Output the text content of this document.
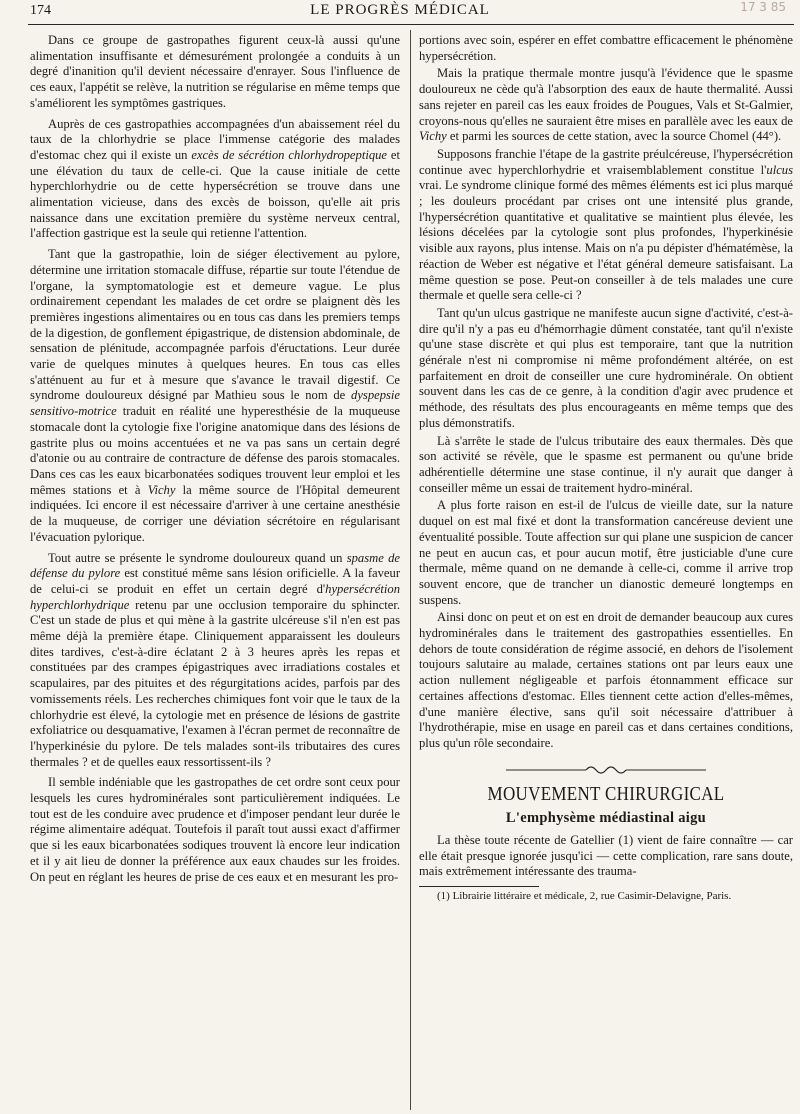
174	LE PROGRÈS MÉDICAL	17 3 85

Dans ce groupe de gastropathes figurent ceux-là aussi qu'une alimentation insuffisante et démesurément prolongée a conduits à un degré d'inanition qu'il devient nécessaire d'enrayer. Sous l'influence de ces eaux, l'appétit se relève, la nutrition se régularise en même temps que s'améliorent les symptômes gastriques.

Auprès de ces gastropathies accompagnées d'un abaissement réel du taux de la chlorhydrie se place l'immense catégorie des malades d'estomac chez qui il existe un excès de sécrétion chlorhydropeptique et une élévation du taux de celle-ci. Que la cause initiale de cette hyperchlorhydrie ou de cette hypersécrétion se trouve dans une alimentation vicieuse, dans des excès de boisson, qu'elle ait pris naissance dans une excitation première du système nerveux central, l'affection gastrique est la seule qui retienne l'attention.

Tant que la gastropathie, loin de siéger électivement au pylore, détermine une irritation stomacale diffuse, répartie sur toute l'étendue de l'organe, la symptomatologie est et demeure vague. Le plus ordinairement cependant les malades de cet ordre se plaignent dès les premières ingestions alimentaires ou en tous cas dans les premiers temps de la digestion, de gonflement épigastrique, de distension abdominale, de sensation de plénitude, accompagnée parfois d'éructations. Leur durée varie de quelques minutes à quelques heures. En tous cas elles s'atténuent au fur et à mesure que s'avance le travail digestif. Ce syndrome douloureux désigné par Mathieu sous le nom de dyspepsie sensitivo-motrice traduit en réalité une hyperesthésie de la muqueuse stomacale dont la cytologie fixe l'origine anatomique dans des lésions de gastrite plus ou moins accentuées et ne va pas sans un certain degré d'atonie ou au contraire de contracture de défense des parois stomacales. Dans ces cas les eaux bicarbonatées sodiques trouvent leur emploi et les mêmes stations et à Vichy la même source de l'Hôpital demeurent indiquées. Ici encore il est nécessaire d'arriver à une certaine anesthésie de la muqueuse, de corriger une déviation sécrétoire en régularisant l'évacuation pylorique.

Tout autre se présente le syndrome douloureux quand un spasme de défense du pylore est constitué même sans lésion orificielle. A la faveur de celui-ci se produit en effet un certain degré d'hypersécrétion hyperchlorhydrique retenu par une occlusion temporaire du sphincter. C'est un stade de plus et qui mène à la gastrite ulcéreuse s'il n'en est pas même déjà la première étape. Cliniquement apparaissent les douleurs dites tardives, c'est-à-dire éclatant 2 à 3 heures après les repas et constituées par des crampes épigastriques avec irradiations costales et scapulaires, par des pituites et des régurgitations acides, parfois par des vomissements réels. Les recherches chimiques font voir que le taux de la chlorhydrie est élevé, la cytologie met en présence de lésions de gastrite exfoliatrice ou desquamative, l'examen à l'écran permet de reconnaître de l'hyperkinésie du pylore. De tels malades sont-ils tributaires des cures thermales ? et de quelles eaux ressortissent-ils ?

Il semble indéniable que les gastropathes de cet ordre sont ceux pour lesquels les cures hydrominérales sont particulièrement indiquées. Le tout est de les conduire avec prudence et d'imposer pendant leur durée le régime alimentaire adéquat. Toutefois il paraît tout aussi exact d'affirmer que si les eaux bicarbonatées sodiques trouvent là encore leur indication et il y ait lieu de donner la préférence aux eaux chaudes sur les froides. On peut en réglant les heures de prise de ces eaux et en mesurant les pro-

portions avec soin, espérer en effet combattre efficacement le phénomène hypersécrétion.

Mais la pratique thermale montre jusqu'à l'évidence que le spasme douloureux ne cède qu'à l'absorption des eaux de haute thermalité. Aussi sans rejeter en pareil cas les eaux froides de Pougues, Vals et St-Galmier, croyons-nous qu'elles ne sauraient être mises en parallèle avec les eaux de Vichy et parmi les sources de cette station, avec la source Chomel (44°).

Supposons franchie l'étape de la gastrite préulcéreuse, l'hypersécrétion continue avec hyperchlorhydrie et vraisemblablement constitue l'ulcus vrai. Le syndrome clinique formé des mêmes éléments est ici plus marqué ; les douleurs procédant par crises ont une intensité plus grande, l'hypersécrétion quantitative et qualitative se maintient plus élevée, les lésions décelées par la cytologie sont plus profondes, l'hyperkinésie visible aux rayons, plus intense. Mais on n'a pu dépister d'hématémèse, la réaction de Weber est négative et l'état général demeure satisfaisant. La même question se pose. Peut-on conseiller à de tels malades une cure thermale et quelle sera celle-ci ?

Tant qu'un ulcus gastrique ne manifeste aucun signe d'activité, c'est-à-dire qu'il n'y a pas eu d'hémorrhagie dûment constatée, tant qu'il n'existe qu'une stase discrète et qui plus est temporaire, tant que la nutrition générale n'est ni compromise ni même profondément altérée, on est parfaitement en droit de conseiller une cure hydrominérale. On obtient souvent dans les cas de ce genre, à la condition d'agir avec prudence et méthode, des résultats des plus encourageants en même temps que des plus démonstratifs.

Là s'arrête le stade de l'ulcus tributaire des eaux thermales. Dès que son activité se révèle, que le spasme est permanent ou qu'une bride adhérentielle détermine une stase continue, il n'y aurait que danger à conseiller même un essai de traitement hydro-minéral.

A plus forte raison en est-il de l'ulcus de vieille date, sur la nature duquel on est mal fixé et dont la transformation cancéreuse devient une éventualité possible. Toute affection sur qui plane une suspicion de cancer ne peut en aucun cas, et pour aucun motif, être justiciable d'une cure thermale, même quand on ne demande à celle-ci, comme il arrive trop souvent encore, que de trancher un dianostic demeuré longtemps en suspens.

Ainsi donc on peut et on est en droit de demander beaucoup aux cures hydrominérales dans le traitement des gastropathies essentielles. En dehors de toute considération de régime associé, en dehors de l'isolement toujours salutaire au malade, certaines stations ont par leurs eaux une action nullement négligeable et parfois étonnamment efficace sur certaines affections d'estomac. Elles tiennent cette action d'elles-mêmes, d'une manière élective, sans qu'il soit nécessaire d'attribuer à l'hydrothérapie, mise en usage en pareil cas et dans certaines conditions, plus qu'un rôle secondaire.

MOUVEMENT CHIRURGICAL
L'emphysème médiastinal aigu

La thèse toute récente de Gatellier (1) vient de faire connaître — car elle était presque ignorée jusqu'ici — cette complication, rare sans doute, mais extrêmement intéressante des trauma-

(1) Librairie littéraire et médicale, 2, rue Casimir-Delavigne, Paris.
